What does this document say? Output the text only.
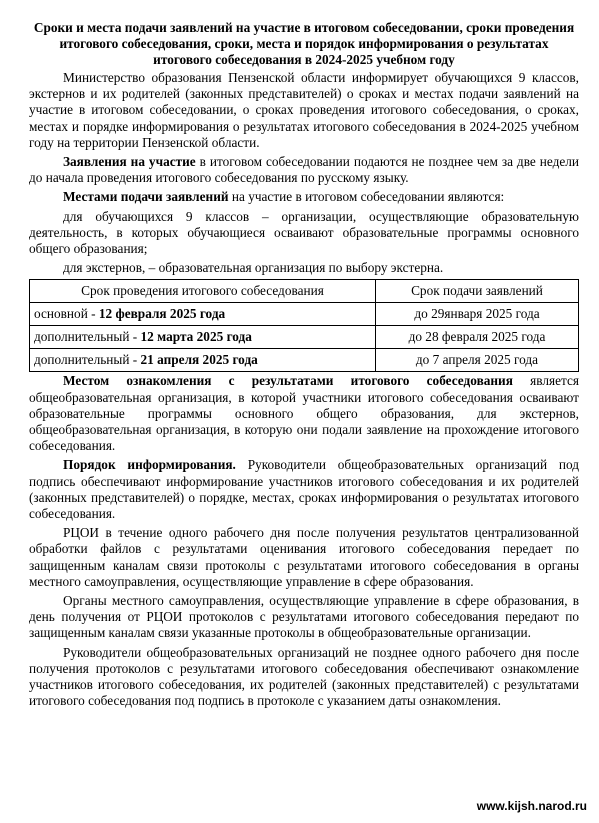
Сроки и места подачи заявлений на участие в итоговом собеседовании, сроки проведения итогового собеседования, сроки, места и порядок информирования о результатах итогового собеседования в 2024-2025 учебном году

Министерство образования Пензенской области информирует обучающихся 9 классов, экстернов и их родителей (законных представителей) о сроках и местах подачи заявлений на участие в итоговом собеседовании, о сроках проведения итогового собеседования, о сроках, местах и порядке информирования о результатах итогового собеседования в 2024-2025 учебном году на территории Пензенской области.

Заявления на участие в итоговом собеседовании подаются не позднее чем за две недели до начала проведения итогового собеседования по русскому языку.

Местами подачи заявлений на участие в итоговом собеседовании являются:

для обучающихся 9 классов – организации, осуществляющие образовательную деятельность, в которых обучающиеся осваивают образовательные программы основного общего образования;

для экстернов, – образовательная организация по выбору экстерна.

Срок проведения итогового собеседования	Срок подачи заявлений
основной - 12 февраля 2025 года	до 29января 2025 года
дополнительный - 12 марта 2025 года	до 28 февраля 2025 года
дополнительный - 21 апреля 2025 года	до 7 апреля 2025 года

Местом ознакомления с результатами итогового собеседования является общеобразовательная организация, в которой участники итогового собеседования осваивают образовательные программы основного общего образования, для экстернов, общеобразовательная организация, в которую они подали заявление на прохождение итогового собеседования.

Порядок информирования. Руководители общеобразовательных организаций под подпись обеспечивают информирование участников итогового собеседования и их родителей (законных представителей) о порядке, местах, сроках информирования о результатах итогового собеседования.

РЦОИ в течение одного рабочего дня после получения результатов централизованной обработки файлов с результатами оценивания итогового собеседования передает по защищенным каналам связи протоколы с результатами итогового собеседования в органы местного самоуправления, осуществляющие управление в сфере образования.

Органы местного самоуправления, осуществляющие управление в сфере образования, в день получения от РЦОИ протоколов с результатами итогового собеседования передают по защищенным каналам связи указанные протоколы в общеобразовательные организации.

Руководители общеобразовательных организаций не позднее одного рабочего дня после получения протоколов с результатами итогового собеседования обеспечивают ознакомление участников итогового собеседования, их родителей (законных представителей) с результатами итогового собеседования под подпись в протоколе с указанием даты ознакомления.

www.kijsh.narod.ru
